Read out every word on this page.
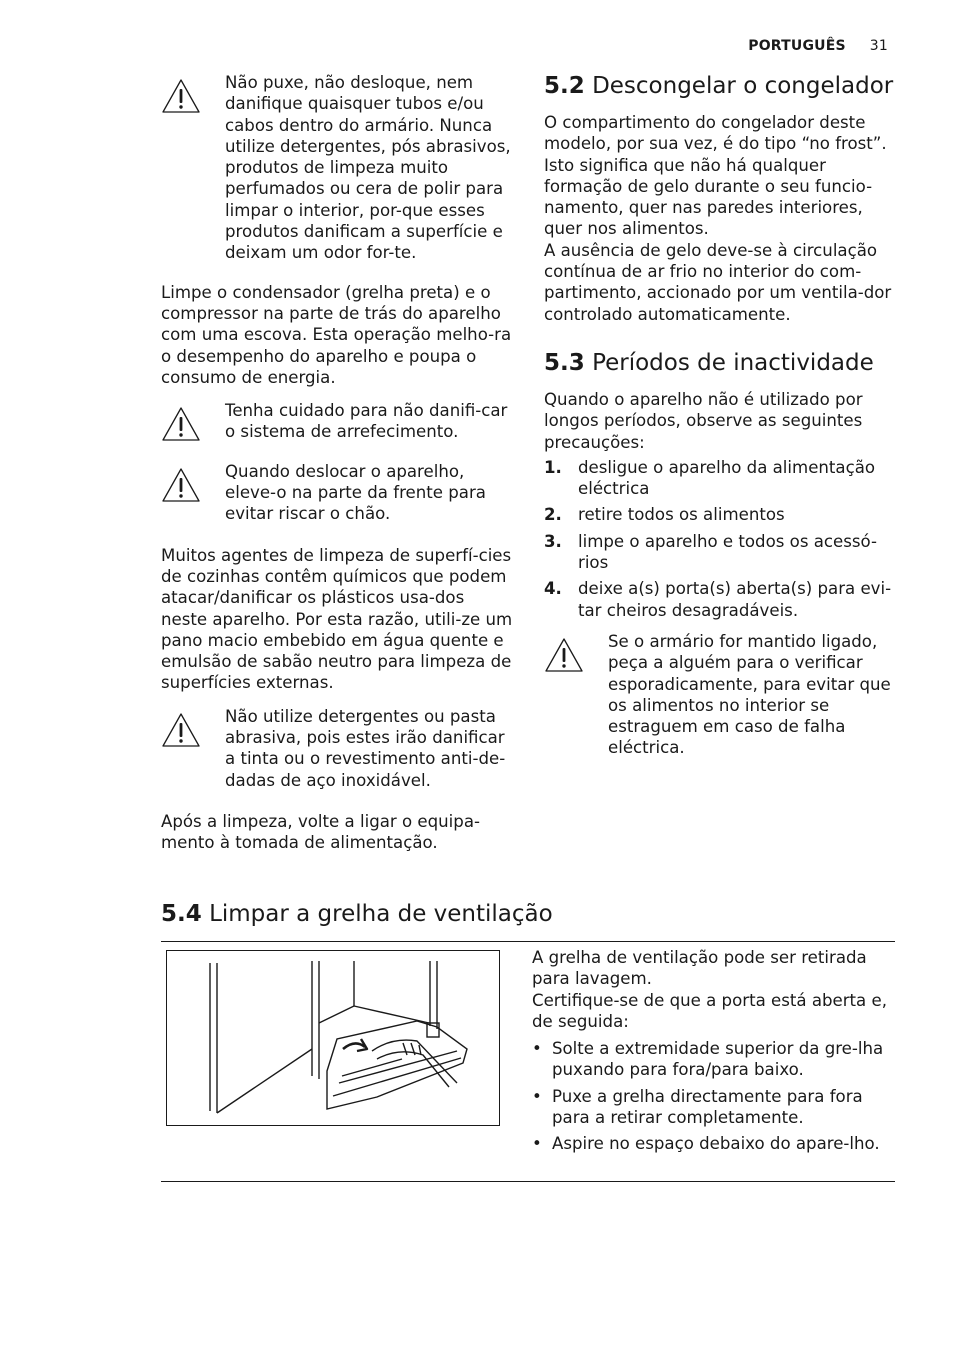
PORTUGUÊS 31

Não puxe, não desloque, nem danifique quaisquer tubos e/ou cabos dentro do armário. Nunca utilize detergentes, pós abrasivos, produtos de limpeza muito perfumados ou cera de polir para limpar o interior, por-que esses produtos danificam a superfície e deixam um odor for-te.

Limpe o condensador (grelha preta) e o compressor na parte de trás do aparelho com uma escova. Esta operação melho-ra o desempenho do aparelho e poupa o consumo de energia.

Tenha cuidado para não danifi-car o sistema de arrefecimento.

Quando deslocar o aparelho, eleve-o na parte da frente para evitar riscar o chão.

Muitos agentes de limpeza de superfí-cies de cozinhas contêm químicos que podem atacar/danificar os plásticos usa-dos neste aparelho. Por esta razão, utili-ze um pano macio embebido em água quente e emulsão de sabão neutro para limpeza de superfícies externas.

Não utilize detergentes ou pasta abrasiva, pois estes irão danificar a tinta ou o revestimento anti-de-dadas de aço inoxidável.

Após a limpeza, volte a ligar o equipa-mento à tomada de alimentação.

5.2 Descongelar o congelador

O compartimento do congelador deste modelo, por sua vez, é do tipo “no frost”. Isto significa que não há qualquer formação de gelo durante o seu funcio-namento, quer nas paredes interiores, quer nos alimentos.

A ausência de gelo deve-se à circulação contínua de ar frio no interior do com-partimento, accionado por um ventila-dor controlado automaticamente.

5.3 Períodos de inactividade

Quando o aparelho não é utilizado por longos períodos, observe as seguintes precauções:

1. desligue o aparelho da alimentação eléctrica
2. retire todos os alimentos
3. limpe o aparelho e todos os acessó-rios
4. deixe a(s) porta(s) aberta(s) para evi-tar cheiros desagradáveis.

Se o armário for mantido ligado, peça a alguém para o verificar esporadicamente, para evitar que os alimentos no interior se estraguem em caso de falha eléctrica.

5.4 Limpar a grelha de ventilação

A grelha de ventilação pode ser retirada para lavagem.

Certifique-se de que a porta está aberta e, de seguida:

• Solte a extremidade superior da gre-lha puxando para fora/para baixo.
• Puxe a grelha directamente para fora para a retirar completamente.
• Aspire no espaço debaixo do apare-lho.
